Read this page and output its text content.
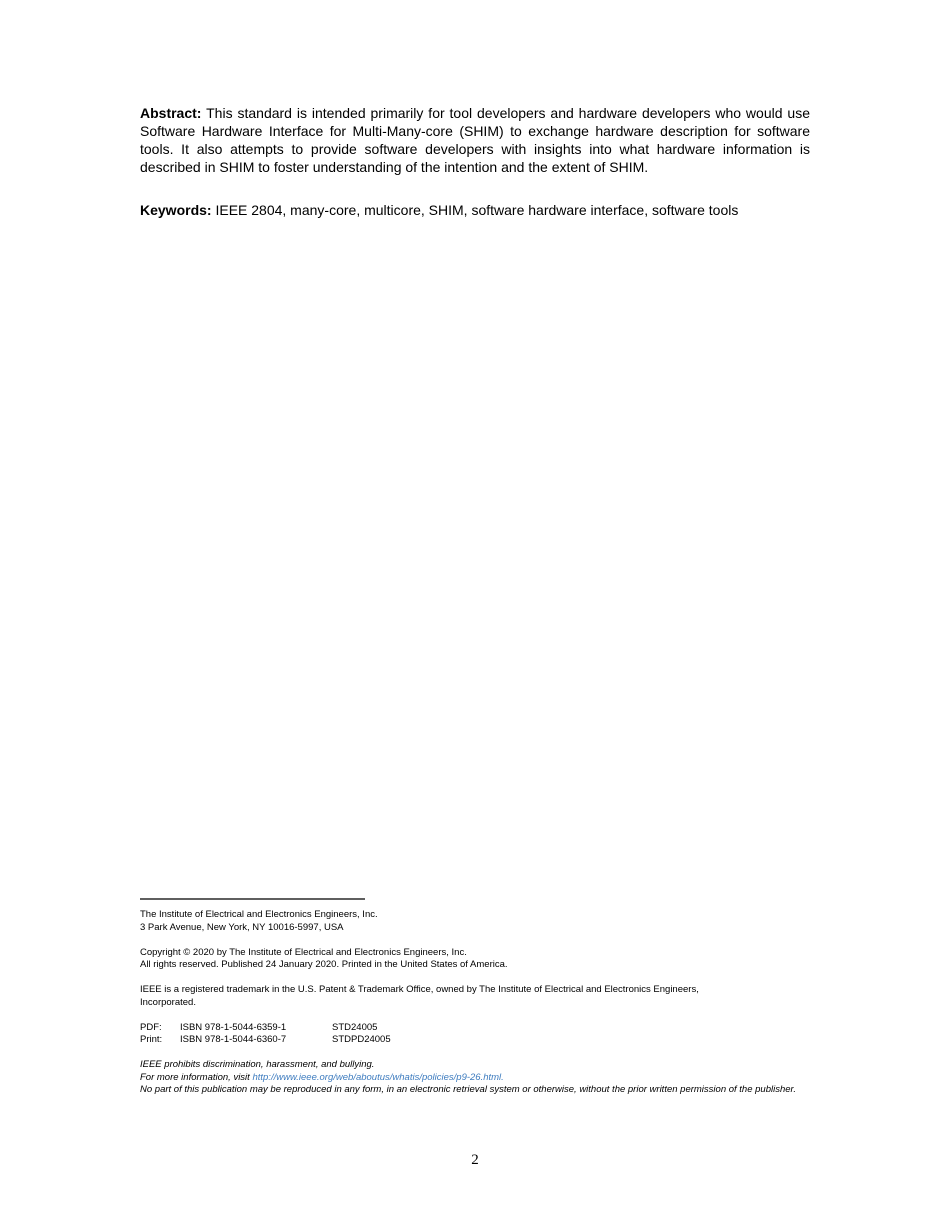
Abstract: This standard is intended primarily for tool developers and hardware developers who would use Software Hardware Interface for Multi-Many-core (SHIM) to exchange hardware description for software tools. It also attempts to provide software developers with insights into what hardware information is described in SHIM to foster understanding of the intention and the extent of SHIM.

Keywords: IEEE 2804, many-core, multicore, SHIM, software hardware interface, software tools

The Institute of Electrical and Electronics Engineers, Inc.
3 Park Avenue, New York, NY 10016-5997, USA
Copyright © 2020 by The Institute of Electrical and Electronics Engineers, Inc.
All rights reserved. Published 24 January 2020. Printed in the United States of America.
IEEE is a registered trademark in the U.S. Patent & Trademark Office, owned by The Institute of Electrical and Electronics Engineers, Incorporated.
PDF: ISBN 978-1-5044-6359-1	STD24005
Print: ISBN 978-1-5044-6360-7	STDPD24005
IEEE prohibits discrimination, harassment, and bullying.
For more information, visit http://www.ieee.org/web/aboutus/whatis/policies/p9-26.html.
No part of this publication may be reproduced in any form, in an electronic retrieval system or otherwise, without the prior written permission of the publisher.
2
